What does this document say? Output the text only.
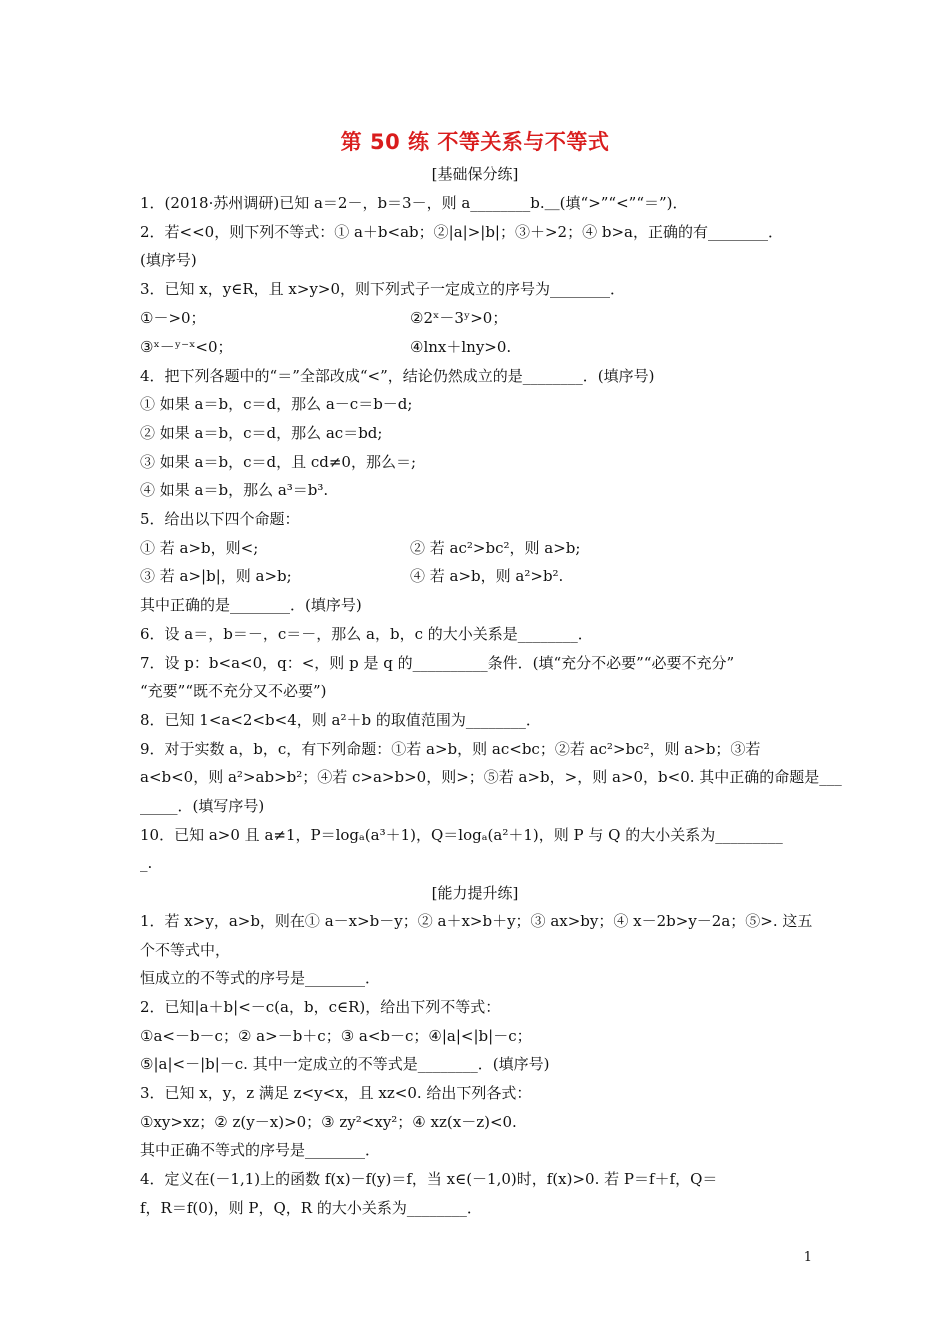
第 50 练 不等关系与不等式
[基础保分练]
1．(2018·苏州调研)已知 a＝2－，b＝3－，则 a________b.＿(填“>”“<”“＝”)．
2．若<<0，则下列不等式：① a＋b<ab；②|a|>|b|；③＋>2；④ b>a，正确的有________．
(填序号)
3．已知 x，y∈R，且 x>y>0，则下列式子一定成立的序号为________．
①－>0；	②2ˣ－3ʸ>0；
③ˣ－ʸ⁻ˣ<0；	④lnx＋lny>0.
4．把下列各题中的“＝”全部改成“<”，结论仍然成立的是________．(填序号)
① 如果 a＝b，c＝d，那么 a－c＝b－d;
② 如果 a＝b，c＝d，那么 ac＝bd;
③ 如果 a＝b，c＝d，且 cd≠0，那么＝;
④ 如果 a＝b，那么 a³＝b³.
5．给出以下四个命题：
① 若 a>b，则<;	② 若 ac²>bc²，则 a>b;
③ 若 a>|b|，则 a>b;	④ 若 a>b，则 a²>b².
其中正确的是________．(填序号)
6．设 a＝，b＝－，c＝－，那么 a，b，c 的大小关系是________．
7．设 p：b<a<0，q：<，则 p 是 q 的__________条件．(填“充分不必要”“必要不充分”
“充要”“既不充分又不必要”)
8．已知 1<a<2<b<4，则 a²＋b 的取值范围为________．
9．对于实数 a，b，c，有下列命题：①若 a>b，则 ac<bc；②若 ac²>bc²，则 a>b；③若
a<b<0，则 a²>ab>b²；④若 c>a>b>0，则>；⑤若 a>b，>，则 a>0，b<0. 其中正确的命题是___
_____．(填写序号)
10．已知 a>0 且 a≠1，P＝logₐ(a³＋1)，Q＝logₐ(a²＋1)，则 P 与 Q 的大小关系为_________
_.
[能力提升练]
1．若 x>y，a>b，则在① a－x>b－y；② a＋x>b＋y；③ ax>by；④ x－2b>y－2a；⑤>. 这五
个不等式中，
恒成立的不等式的序号是________．
2．已知|a＋b|<－c(a，b，c∈R)，给出下列不等式：
①a<－b－c；② a>－b＋c；③ a<b－c；④|a|<|b|－c；
⑤|a|<－|b|－c. 其中一定成立的不等式是________．(填序号)
3．已知 x，y，z 满足 z<y<x，且 xz<0. 给出下列各式：
①xy>xz；② z(y－x)>0；③ zy²<xy²；④ xz(x－z)<0.
其中正确不等式的序号是________．
4．定义在(－1,1)上的函数 f(x)－f(y)＝f，当 x∈(－1,0)时，f(x)>0. 若 P＝f＋f，Q＝
f，R＝f(0)，则 P，Q，R 的大小关系为________．
1
